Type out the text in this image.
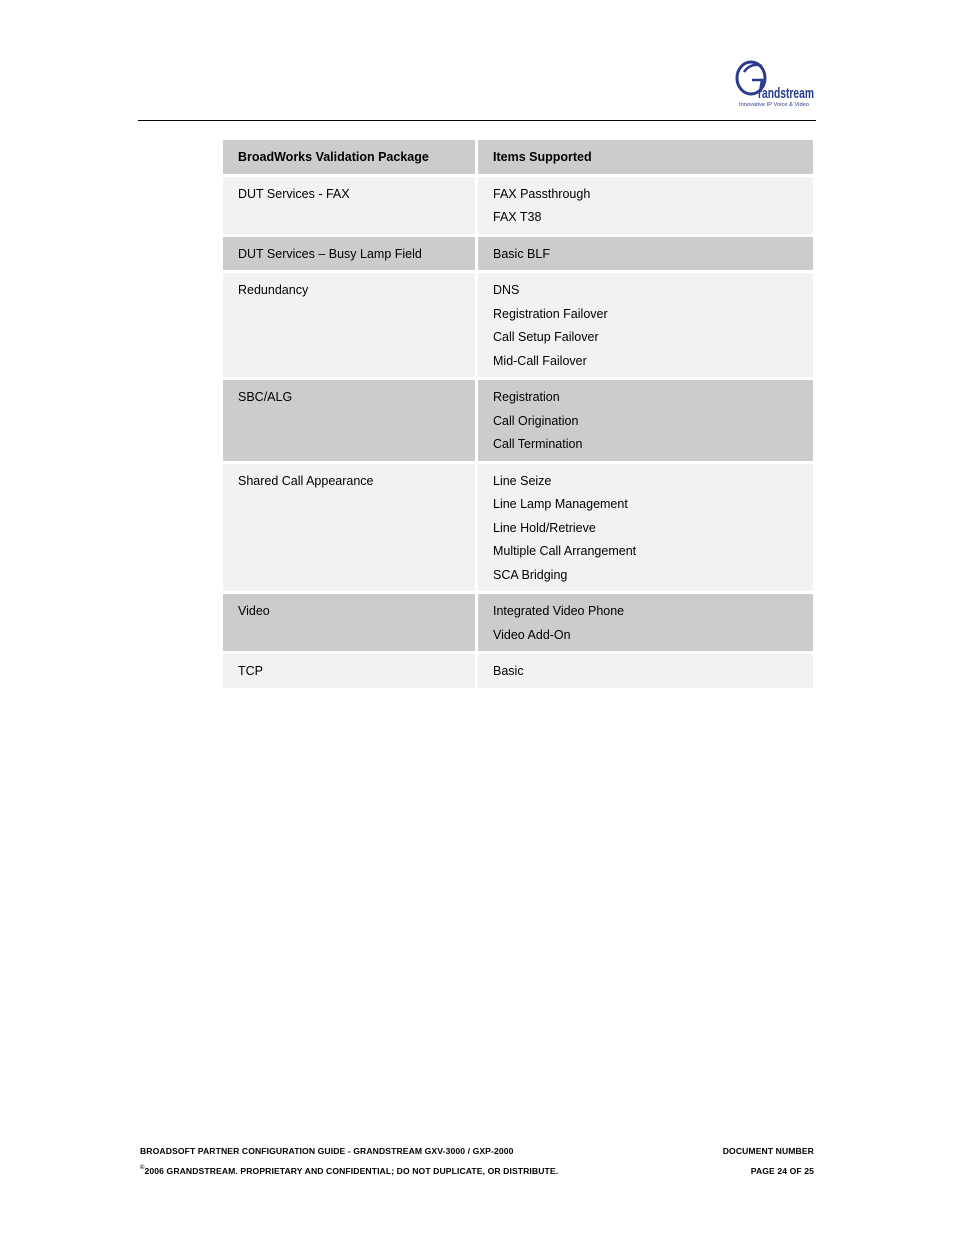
randstream
Innovative IP Voice & Video
BroadWorks Validation Package	Items Supported
DUT Services - FAX	FAX Passthrough
FAX T38

DUT Services – Busy Lamp Field	Basic BLF

Redundancy	DNS
Registration Failover
Call Setup Failover
Mid-Call Failover

SBC/ALG	Registration
Call Origination
Call Termination

Shared Call Appearance	Line Seize
Line Lamp Management
Line Hold/Retrieve
Multiple Call Arrangement
SCA Bridging

Video	Integrated Video Phone
Video Add-On

TCP	Basic
BROADSOFT PARTNER CONFIGURATION GUIDE - GRANDSTREAM GXV-3000 / GXP-2000	DOCUMENT NUMBER
©2006 GRANDSTREAM. PROPRIETARY AND CONFIDENTIAL; DO NOT DUPLICATE, OR DISTRIBUTE.	PAGE 24 OF 25
